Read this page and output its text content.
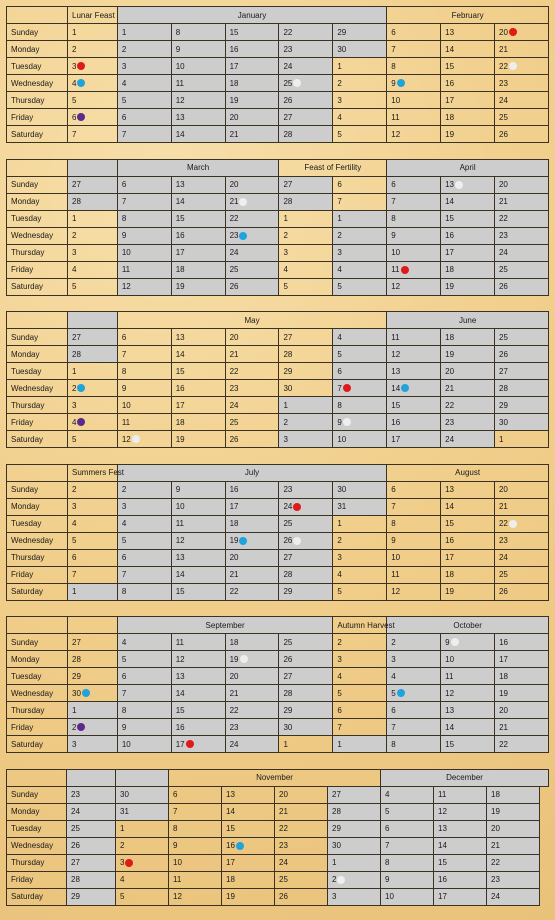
	Lunar Feast	January					February		
Sunday	1	1	8	15	22	29	6	13	20
Monday	2	2	9	16	23	30	7	14	21
Tuesday	3	3	10	17	24	1	8	15	22
Wednesday	4	4	11	18	25	2	9	16	23
Thursday	5	5	12	19	26	3	10	17	24
Friday	6	6	13	20	27	4	11	18	25
Saturday	7	7	14	21	28	5	12	19	26
		March			Feast of Fertility		April		
Sunday	27	6	13	20	27	6	6	13	20
Monday	28	7	14	21	28	7	7	14	21
Tuesday	1	8	15	22	1	1	8	15	22
Wednesday	2	9	16	23	2	2	9	16	23
Thursday	3	10	17	24	3	3	10	17	24
Friday	4	11	18	25	4	4	11	18	25
Saturday	5	12	19	26	5	5	12	19	26
		May					June		
Sunday	27	6	13	20	27	4	11	18	25
Monday	28	7	14	21	28	5	12	19	26
Tuesday	1	8	15	22	29	6	13	20	27
Wednesday	2	9	16	23	30	7	14	21	28
Thursday	3	10	17	24	1	8	15	22	29
Friday	4	11	18	25	2	9	16	23	30
Saturday	5	12	19	26	3	10	17	24	1
	Summers Fest	July					August		
Sunday	2	2	9	16	23	30	6	13	20
Monday	3	3	10	17	24	31	7	14	21
Tuesday	4	4	11	18	25	1	8	15	22
Wednesday	5	5	12	19	26	2	9	16	23
Thursday	6	6	13	20	27	3	10	17	24
Friday	7	7	14	21	28	4	11	18	25
Saturday	1	8	15	22	29	5	12	19	26
		September				Autumn Harvest	October		
Sunday	27	4	11	18	25	2	2	9	16
Monday	28	5	12	19	26	3	3	10	17
Tuesday	29	6	13	20	27	4	4	11	18
Wednesday	30	7	14	21	28	5	5	12	19
Thursday	1	8	15	22	29	6	6	13	20
Friday	2	9	16	23	30	7	7	14	21
Saturday	3	10	17	24	1	1	8	15	22
			November				December		
Sunday	23	30	6	13	20	27	4	11	18
Monday	24	31	7	14	21	28	5	12	19
Tuesday	25	1	8	15	22	29	6	13	20
Wednesday	26	2	9	16	23	30	7	14	21
Thursday	27	3	10	17	24	1	8	15	22
Friday	28	4	11	18	25	2	9	16	23
Saturday	29	5	12	19	26	3	10	17	24
